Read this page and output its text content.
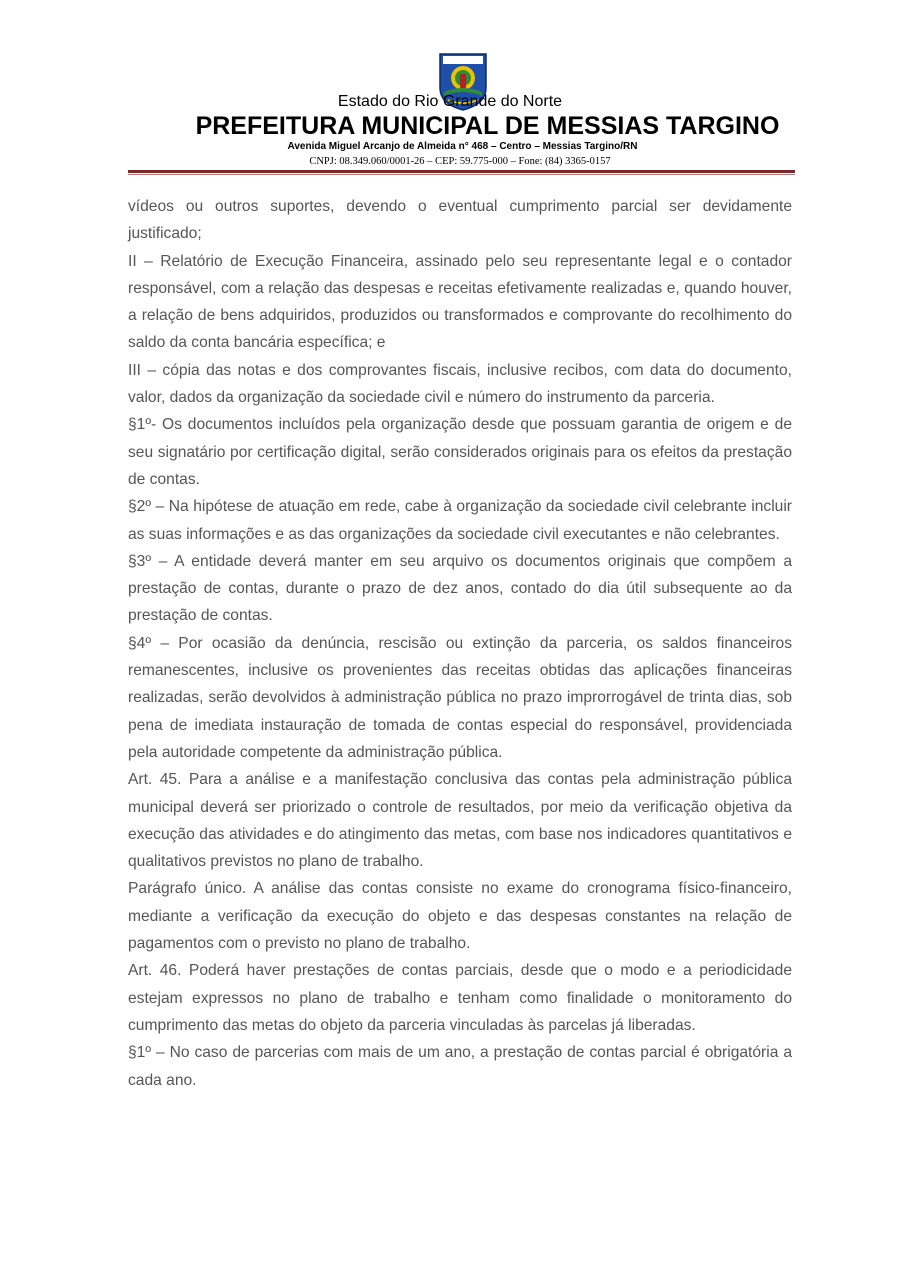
Estado do Rio Grande do Norte
PREFEITURA MUNICIPAL DE MESSIAS TARGINO
Avenida Miguel Arcanjo de Almeida n° 468 – Centro – Messias Targino/RN
CNPJ: 08.349.060/0001-26 – CEP: 59.775-000 – Fone: (84) 3365-0157

vídeos ou outros suportes, devendo o eventual cumprimento parcial ser devidamente justificado;

II – Relatório de Execução Financeira, assinado pelo seu representante legal e o contador responsável, com a relação das despesas e receitas efetivamente realizadas e, quando houver, a relação de bens adquiridos, produzidos ou transformados e comprovante do recolhimento do saldo da conta bancária específica; e

III – cópia das notas e dos comprovantes fiscais, inclusive recibos, com data do documento, valor, dados da organização da sociedade civil e número do instrumento da parceria.

§1º- Os documentos incluídos pela organização desde que possuam garantia de origem e de seu signatário por certificação digital, serão considerados originais para os efeitos da prestação de contas.

§2º – Na hipótese de atuação em rede, cabe à organização da sociedade civil celebrante incluir as suas informações e as das organizações da sociedade civil executantes e não celebrantes.

§3º – A entidade deverá manter em seu arquivo os documentos originais que compõem a prestação de contas, durante o prazo de dez anos, contado do dia útil subsequente ao da prestação de contas.

§4º – Por ocasião da denúncia, rescisão ou extinção da parceria, os saldos financeiros remanescentes, inclusive os provenientes das receitas obtidas das aplicações financeiras realizadas, serão devolvidos à administração pública no prazo improrrogável de trinta dias, sob pena de imediata instauração de tomada de contas especial do responsável, providenciada pela autoridade competente da administração pública.

Art. 45. Para a análise e a manifestação conclusiva das contas pela administração pública municipal deverá ser priorizado o controle de resultados, por meio da verificação objetiva da execução das atividades e do atingimento das metas, com base nos indicadores quantitativos e qualitativos previstos no plano de trabalho.

Parágrafo único. A análise das contas consiste no exame do cronograma físico-financeiro, mediante a verificação da execução do objeto e das despesas constantes na relação de pagamentos com o previsto no plano de trabalho.

Art. 46. Poderá haver prestações de contas parciais, desde que o modo e a periodicidade estejam expressos no plano de trabalho e tenham como finalidade o monitoramento do cumprimento das metas do objeto da parceria vinculadas às parcelas já liberadas.

§1º – No caso de parcerias com mais de um ano, a prestação de contas parcial é obrigatória a cada ano.
